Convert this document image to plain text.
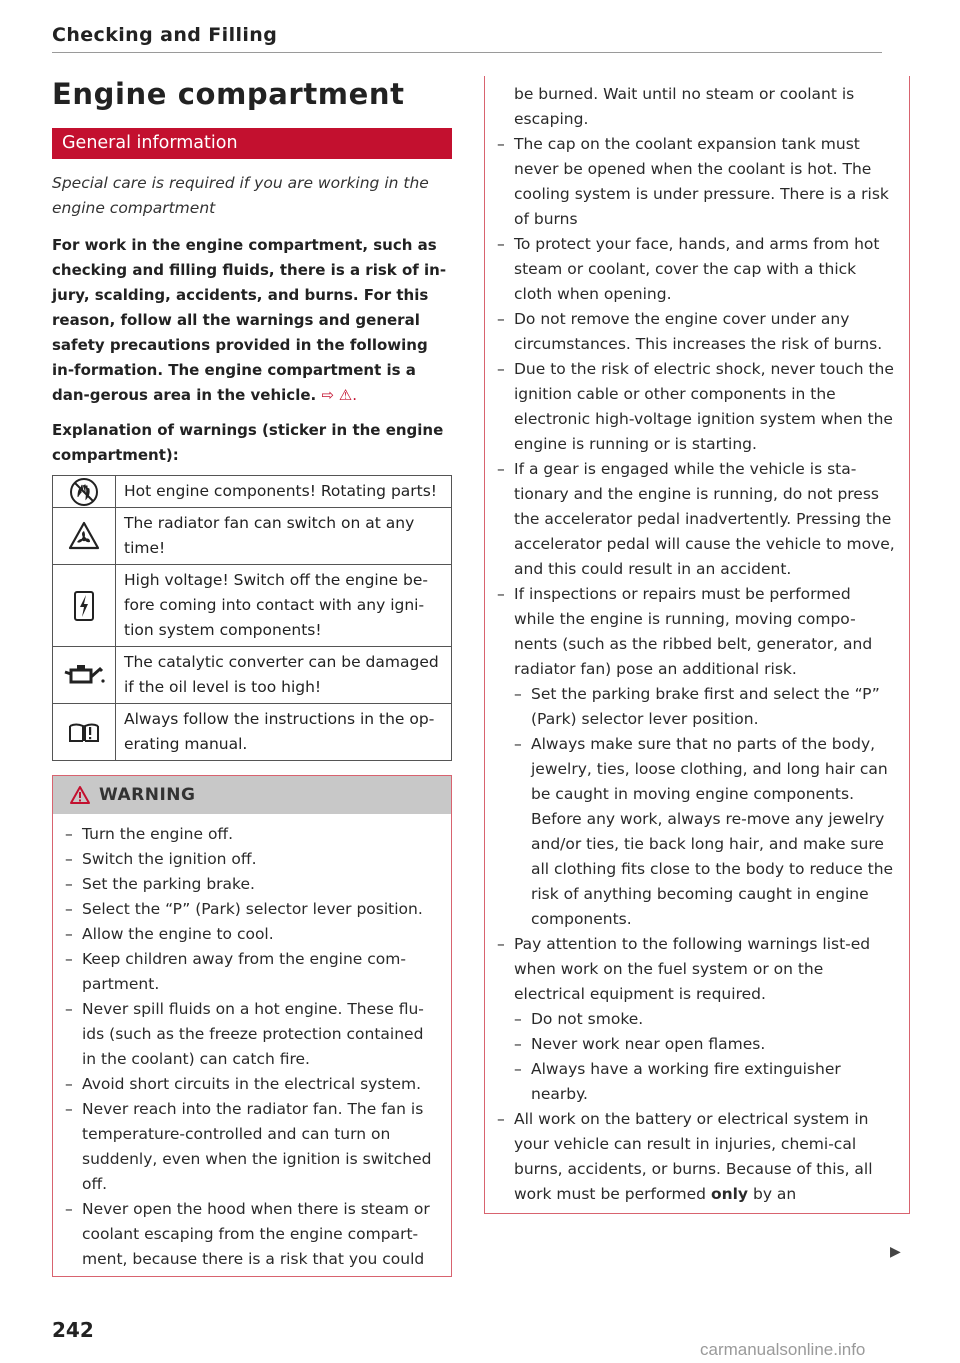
Checking and Filling
Engine compartment
General information

Special care is required if you are working in the engine compartment

For work in the engine compartment, such as checking and filling fluids, there is a risk of in-jury, scalding, accidents, and burns. For this reason, follow all the warnings and general safety precautions provided in the following in-formation. The engine compartment is a dan-gerous area in the vehicle. ⇨ ⚠.

Explanation of warnings (sticker in the engine compartment):

	Hot engine components! Rotating parts!
	The radiator fan can switch on at any time!
	High voltage! Switch off the engine be-fore coming into contact with any igni-tion system components!
	The catalytic converter can be damaged if the oil level is too high!
	Always follow the instructions in the op-erating manual.
WARNING
– Turn the engine off.
– Switch the ignition off.
– Set the parking brake.
– Select the “P” (Park) selector lever position.
– Allow the engine to cool.
– Keep children away from the engine com-partment.
– Never spill fluids on a hot engine. These flu-ids (such as the freeze protection contained in the coolant) can catch fire.
– Avoid short circuits in the electrical system.
– Never reach into the radiator fan. The fan is temperature-controlled and can turn on suddenly, even when the ignition is switched off.
– Never open the hood when there is steam or coolant escaping from the engine compart-ment, because there is a risk that you could
be burned. Wait until no steam or coolant is escaping.
– The cap on the coolant expansion tank must never be opened when the coolant is hot. The cooling system is under pressure. There is a risk of burns
– To protect your face, hands, and arms from hot steam or coolant, cover the cap with a thick cloth when opening.
– Do not remove the engine cover under any circumstances. This increases the risk of burns.
– Due to the risk of electric shock, never touch the ignition cable or other components in the electronic high-voltage ignition system when the engine is running or is starting.
– If a gear is engaged while the vehicle is sta-tionary and the engine is running, do not press the accelerator pedal inadvertently. Pressing the accelerator pedal will cause the vehicle to move, and this could result in an accident.
– If inspections or repairs must be performed while the engine is running, moving compo-nents (such as the ribbed belt, generator, and radiator fan) pose an additional risk.
– Set the parking brake first and select the “P” (Park) selector lever position.
– Always make sure that no parts of the body, jewelry, ties, loose clothing, and long hair can be caught in moving engine components. Before any work, always re-move any jewelry and/or ties, tie back long hair, and make sure all clothing fits close to the body to reduce the risk of anything becoming caught in engine components.
– Pay attention to the following warnings list-ed when work on the fuel system or on the electrical equipment is required.
– Do not smoke.
– Never work near open flames.
– Always have a working fire extinguisher nearby.
– All work on the battery or electrical system in your vehicle can result in injuries, chemi-cal burns, accidents, or burns. Because of this, all work must be performed only by an
▶
242
carmanualsonline.info
